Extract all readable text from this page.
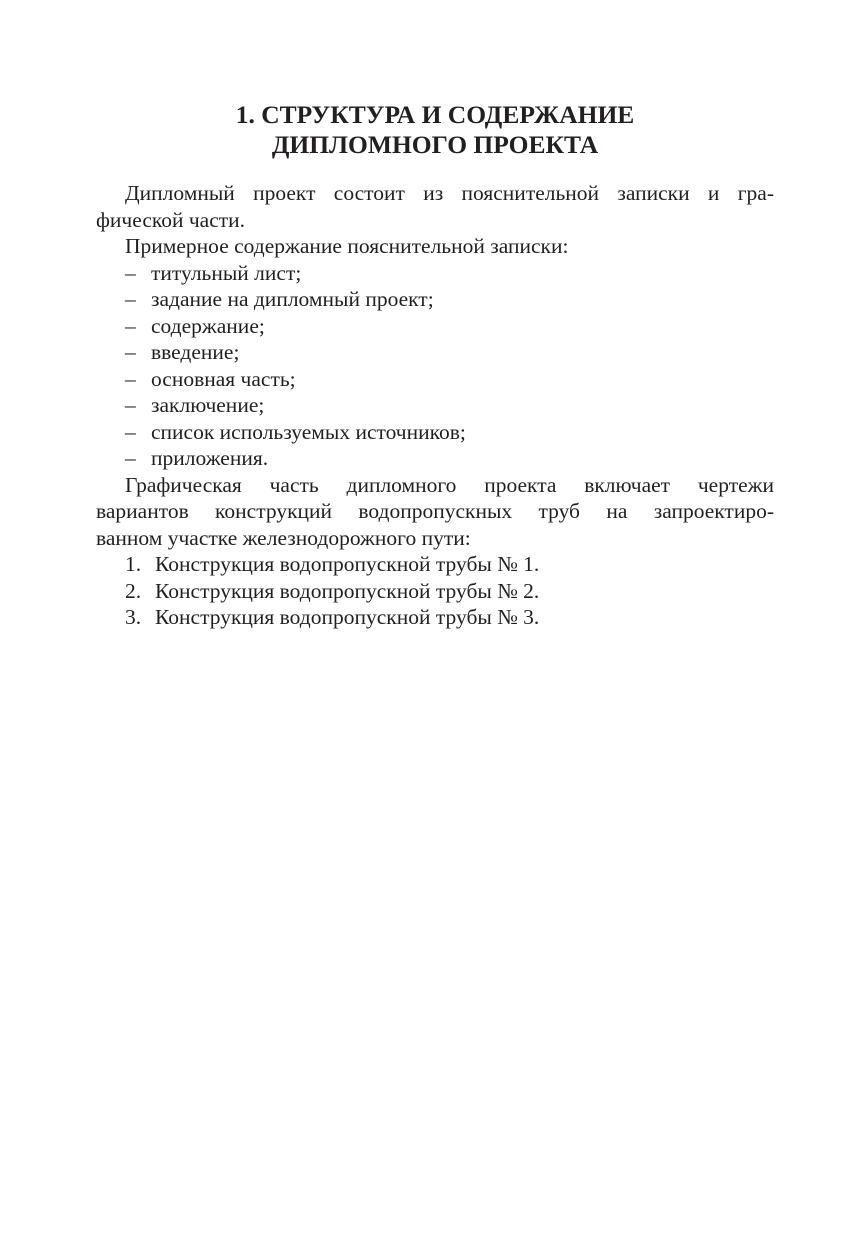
1. СТРУКТУРА И СОДЕРЖАНИЕ
ДИПЛОМНОГО ПРОЕКТА

Дипломный проект состоит из пояснительной записки и гра-
фической части.

Примерное содержание пояснительной записки:

– титульный лист;
– задание на дипломный проект;
– содержание;
– введение;
– основная часть;
– заключение;
– список используемых источников;
– приложения.

Графическая часть дипломного проекта включает чертежи
вариантов конструкций водопропускных труб на запроектиро-
ванном участке железнодорожного пути:

1. Конструкция водопропускной трубы № 1.
2. Конструкция водопропускной трубы № 2.
3. Конструкция водопропускной трубы № 3.
